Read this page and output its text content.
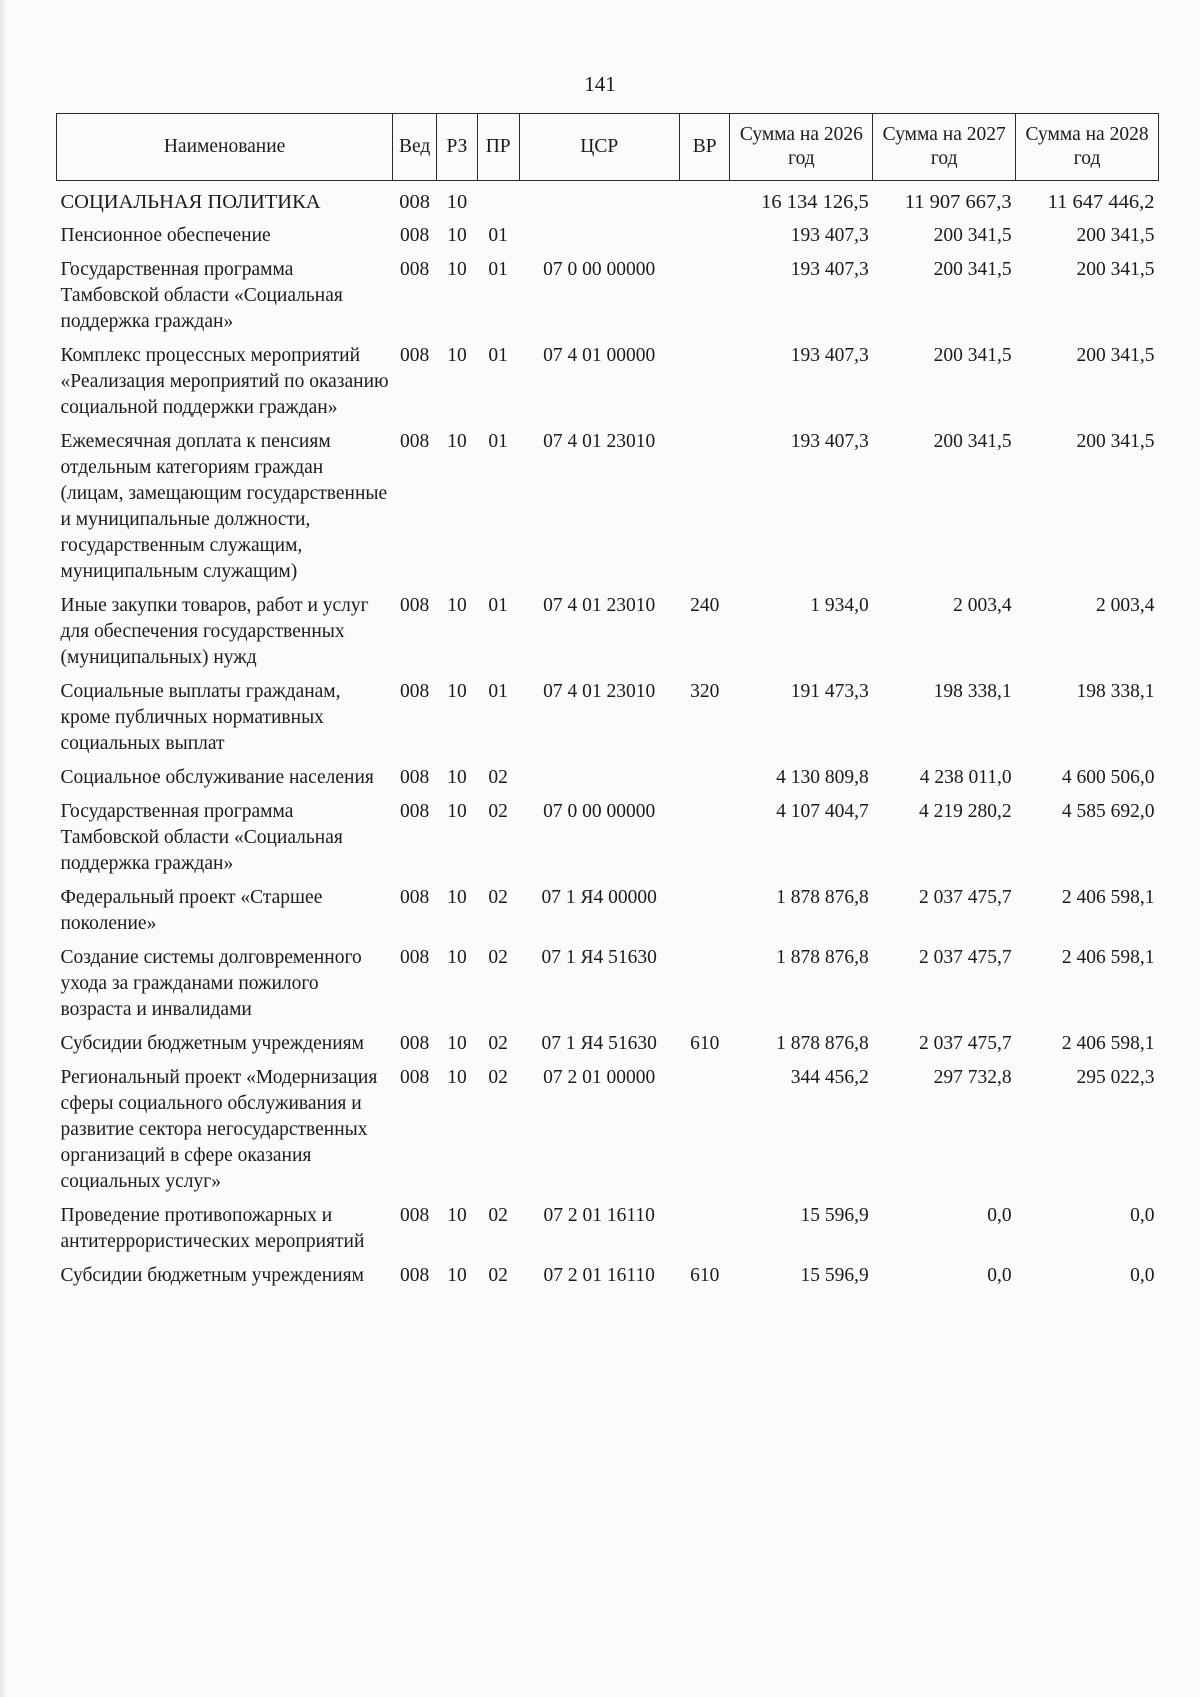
141
Наименование	Вед	РЗ	ПР	ЦСР	ВР	Сумма на 2026 год	Сумма на 2027 год	Сумма на 2028 год
СОЦИАЛЬНАЯ ПОЛИТИКА	008	10				16 134 126,5	11 907 667,3	11 647 446,2
Пенсионное обеспечение	008	10	01			193 407,3	200 341,5	200 341,5
Государственная программа Тамбовской области «Социальная поддержка граждан»	008	10	01	07 0 00 00000		193 407,3	200 341,5	200 341,5
Комплекс процессных мероприятий «Реализация мероприятий по оказанию социальной поддержки граждан»	008	10	01	07 4 01 00000		193 407,3	200 341,5	200 341,5
Ежемесячная доплата к пенсиям отдельным категориям граждан (лицам, замещающим государственные и муниципальные должности, государственным служащим, муниципальным служащим)	008	10	01	07 4 01 23010		193 407,3	200 341,5	200 341,5
Иные закупки товаров, работ и услуг для обеспечения государственных (муниципальных) нужд	008	10	01	07 4 01 23010	240	1 934,0	2 003,4	2 003,4
Социальные выплаты гражданам, кроме публичных нормативных социальных выплат	008	10	01	07 4 01 23010	320	191 473,3	198 338,1	198 338,1
Социальное обслуживание населения	008	10	02			4 130 809,8	4 238 011,0	4 600 506,0
Государственная программа Тамбовской области «Социальная поддержка граждан»	008	10	02	07 0 00 00000		4 107 404,7	4 219 280,2	4 585 692,0
Федеральный проект «Старшее поколение»	008	10	02	07 1 Я4 00000		1 878 876,8	2 037 475,7	2 406 598,1
Создание системы долговременного ухода за гражданами пожилого возраста и инвалидами	008	10	02	07 1 Я4 51630		1 878 876,8	2 037 475,7	2 406 598,1
Субсидии бюджетным учреждениям	008	10	02	07 1 Я4 51630	610	1 878 876,8	2 037 475,7	2 406 598,1
Региональный проект «Модернизация сферы социального обслуживания и развитие сектора негосударственных организаций в сфере оказания социальных услуг»	008	10	02	07 2 01 00000		344 456,2	297 732,8	295 022,3
Проведение противопожарных и антитеррористических мероприятий	008	10	02	07 2 01 16110		15 596,9	0,0	0,0
Субсидии бюджетным учреждениям	008	10	02	07 2 01 16110	610	15 596,9	0,0	0,0
